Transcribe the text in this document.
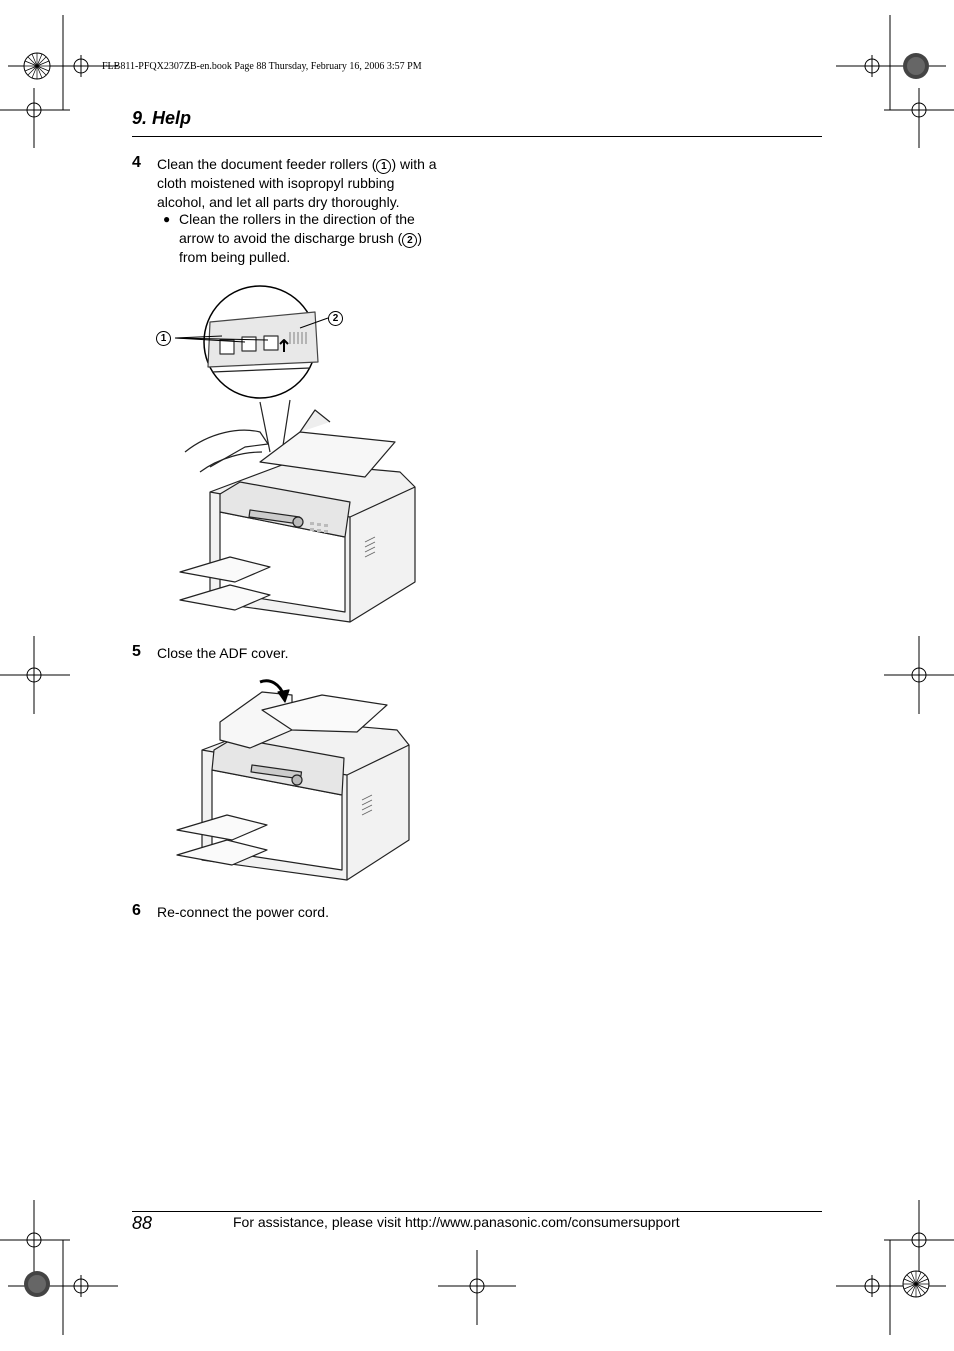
FLB811-PFQX2307ZB-en.book Page 88 Thursday, February 16, 2006 3:57 PM
9. Help
4 Clean the document feeder rollers ( 1 ) with a
cloth moistened with isopropyl rubbing
alcohol, and let all parts dry thoroughly.
● Clean the rollers in the direction of the
arrow to avoid the discharge brush ( 2 )
from being pulled.
1
2
5 Close the ADF cover.
6 Re-connect the power cord.
88	For assistance, please visit http://www.panasonic.com/consumersupport
